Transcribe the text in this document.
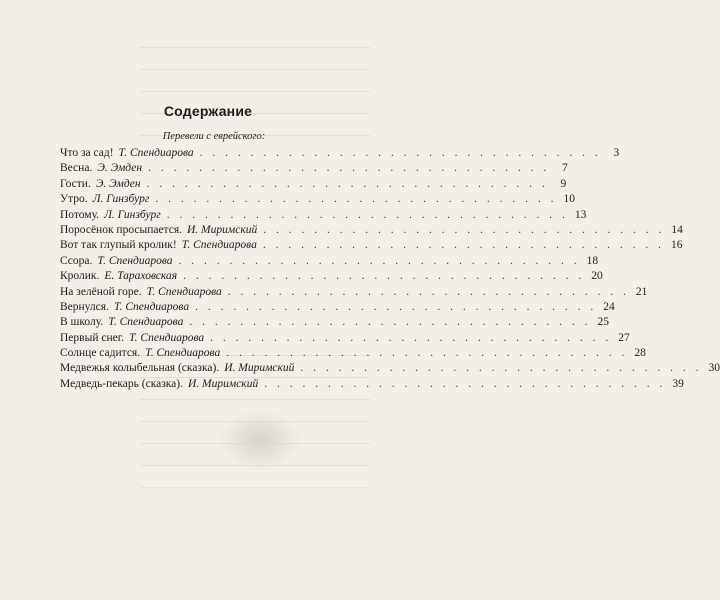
Содержание
Перевели с еврейского:
Что за сад! Т. Спендиарова . . . . . . . . . . . . . . . . . . . . . . . . . . . . . . . .	3
Весна. Э. Эмден . . . . . . . . . . . . . . . . . . . . . . . . . . . . . . . .	7
Гости. Э. Эмден . . . . . . . . . . . . . . . . . . . . . . . . . . . . . . . .	9
Утро. Л. Гинзбург . . . . . . . . . . . . . . . . . . . . . . . . . . . . . . . . 10
Потому. Л. Гинзбург . . . . . . . . . . . . . . . . . . . . . . . . . . . . . . . . 13
Поросёнок просыпается. И. Миримский . . . . . . . . . . . . . . . . . . . . . . . . . . . . . . . . 14
Вот так глупый кролик! Т. Спендиарова . . . . . . . . . . . . . . . . . . . . . . . . . . . . . . . . 16
Ссора. Т. Спендиарова . . . . . . . . . . . . . . . . . . . . . . . . . . . . . . . . 18
Кролик. Е. Тараховская . . . . . . . . . . . . . . . . . . . . . . . . . . . . . . . . 20
На зелёной горе. Т. Спендиарова . . . . . . . . . . . . . . . . . . . . . . . . . . . . . . . . 21
Вернулся. Т. Спендиарова . . . . . . . . . . . . . . . . . . . . . . . . . . . . . . . . 24
В школу. Т. Спендиарова . . . . . . . . . . . . . . . . . . . . . . . . . . . . . . . . 25
Первый снег. Т. Спендиарова . . . . . . . . . . . . . . . . . . . . . . . . . . . . . . . . 27
Солнце садится. Т. Спендиарова . . . . . . . . . . . . . . . . . . . . . . . . . . . . . . . . 28
Медвежья колыбельная (сказка). И. Миримский . . . . . . . . . . . . . . . . . . . . . . . . . . . . . . . . 30
Медведь-пекарь (сказка). И. Миримский . . . . . . . . . . . . . . . . . . . . . . . . . . . . . . . . 39
